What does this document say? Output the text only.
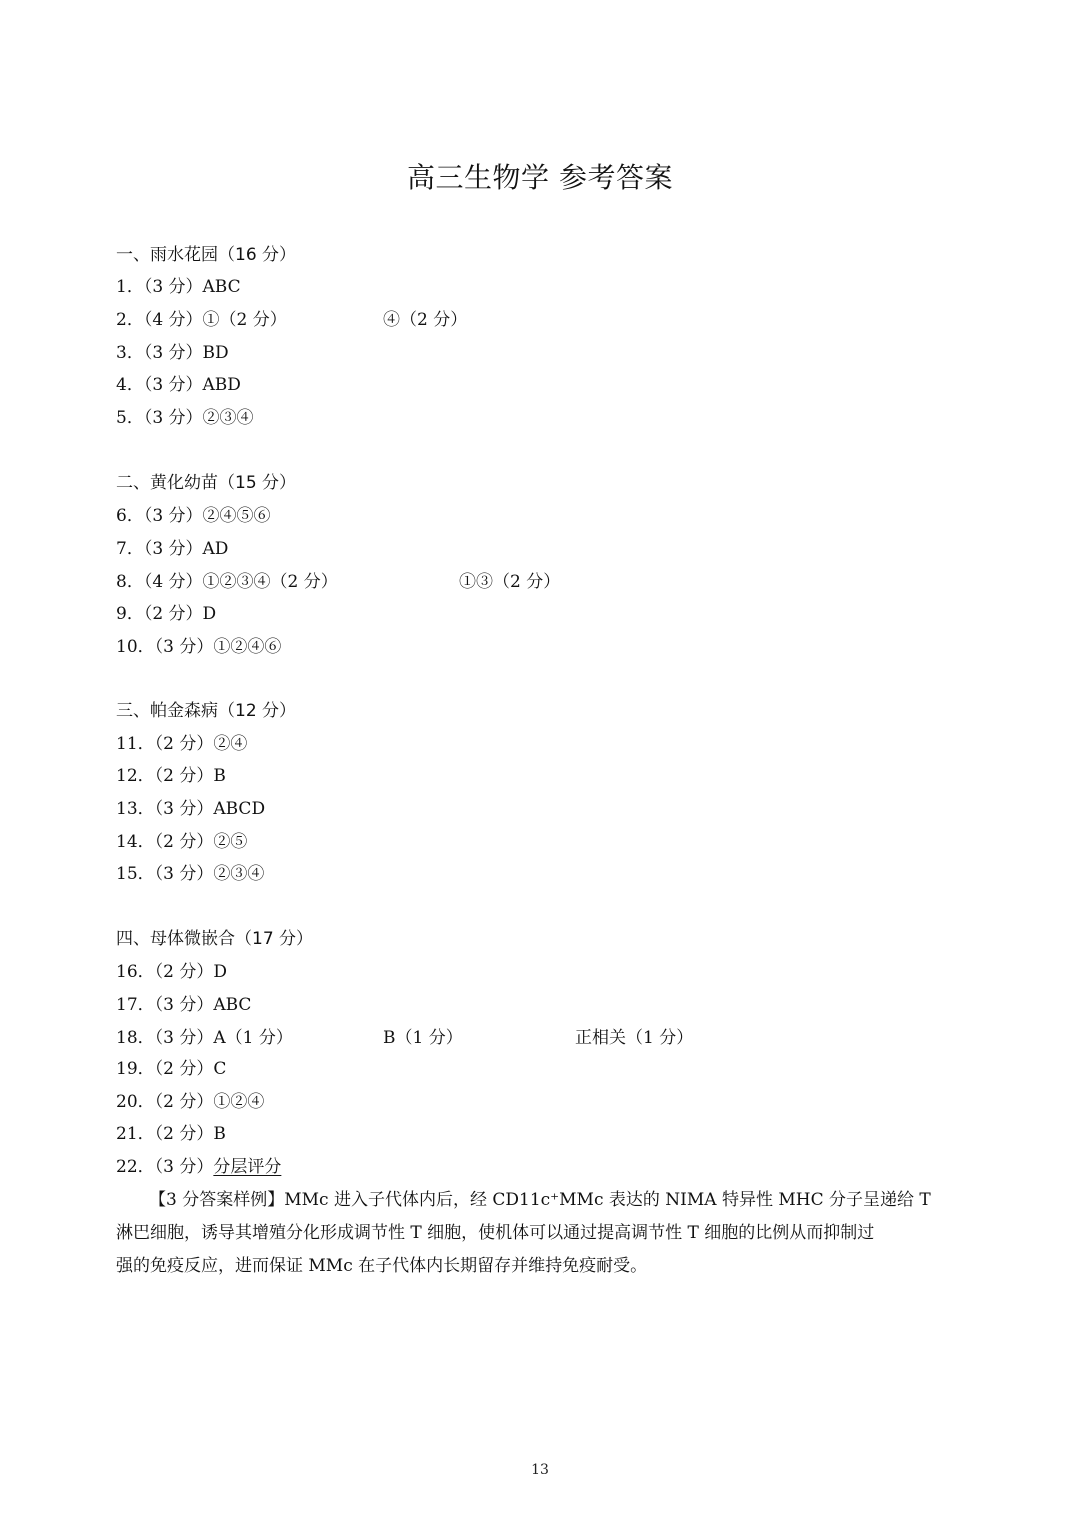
高三生物学 参考答案
一、雨水花园（16 分）
1．（3 分）ABC
2．（4 分）①（2 分）	④（2 分）
3．（3 分）BD
4．（3 分）ABD
5．（3 分）②③④
二、黄化幼苗（15 分）
6．（3 分）②④⑤⑥
7．（3 分）AD
8．（4 分）①②③④（2 分）	①③（2 分）
9．（2 分）D
10．（3 分）①②④⑥
三、帕金森病（12 分）
11．（2 分）②④
12．（2 分）B
13．（3 分）ABCD
14．（2 分）②⑤
15．（3 分）②③④
四、母体微嵌合（17 分）
16．（2 分）D
17．（3 分）ABC
18．（3 分）A（1 分）	B（1 分）	正相关（1 分）
19．（2 分）C
20．（2 分）①②④
21．（2 分）B
22．（3 分）分层评分
【3 分答案样例】MMc 进入子代体内后，经 CD11c⁺MMc 表达的 NIMA 特异性 MHC 分子呈递给 T
淋巴细胞，诱导其增殖分化形成调节性 T 细胞，使机体可以通过提高调节性 T 细胞的比例从而抑制过
强的免疫反应，进而保证 MMc 在子代体内长期留存并维持免疫耐受。
13
